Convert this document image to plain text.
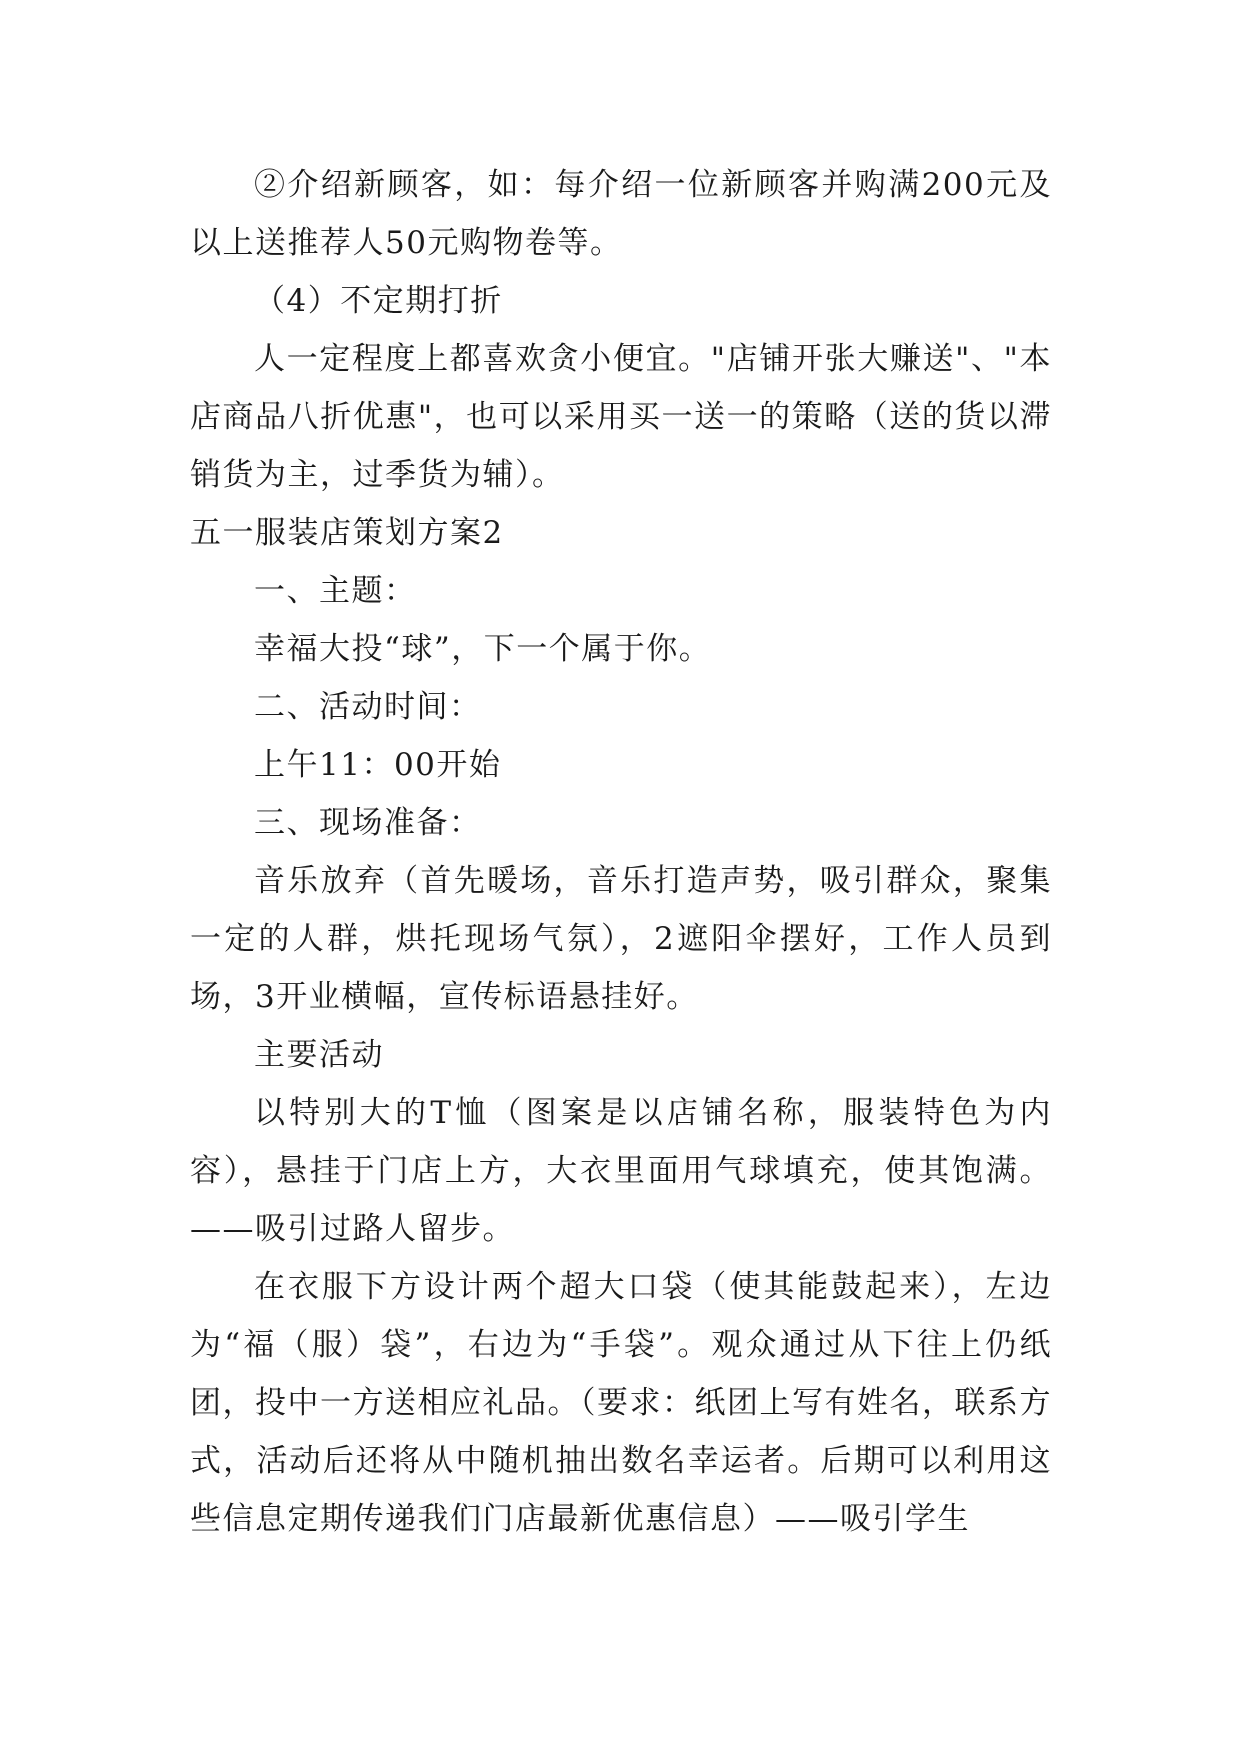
②介绍新顾客，如：每介绍一位新顾客并购满200元及以上送推荐人50元购物卷等。

（4）不定期打折

人一定程度上都喜欢贪小便宜。"店铺开张大赚送"、"本店商品八折优惠"，也可以采用买一送一的策略（送的货以滞销货为主，过季货为辅）。

五一服装店策划方案2

一、主题：

幸福大投“球”，下一个属于你。

二、活动时间：

上午11：00开始

三、现场准备：

音乐放弃（首先暖场，音乐打造声势，吸引群众，聚集一定的人群，烘托现场气氛），2遮阳伞摆好，工作人员到场，3开业横幅，宣传标语悬挂好。

主要活动

以特别大的T恤（图案是以店铺名称，服装特色为内容），悬挂于门店上方，大衣里面用气球填充，使其饱满。——吸引过路人留步。

在衣服下方设计两个超大口袋（使其能鼓起来），左边为“福（服）袋”，右边为“手袋”。观众通过从下往上仍纸团，投中一方送相应礼品。（要求：纸团上写有姓名，联系方式，活动后还将从中随机抽出数名幸运者。后期可以利用这些信息定期传递我们门店最新优惠信息）——吸引学生
